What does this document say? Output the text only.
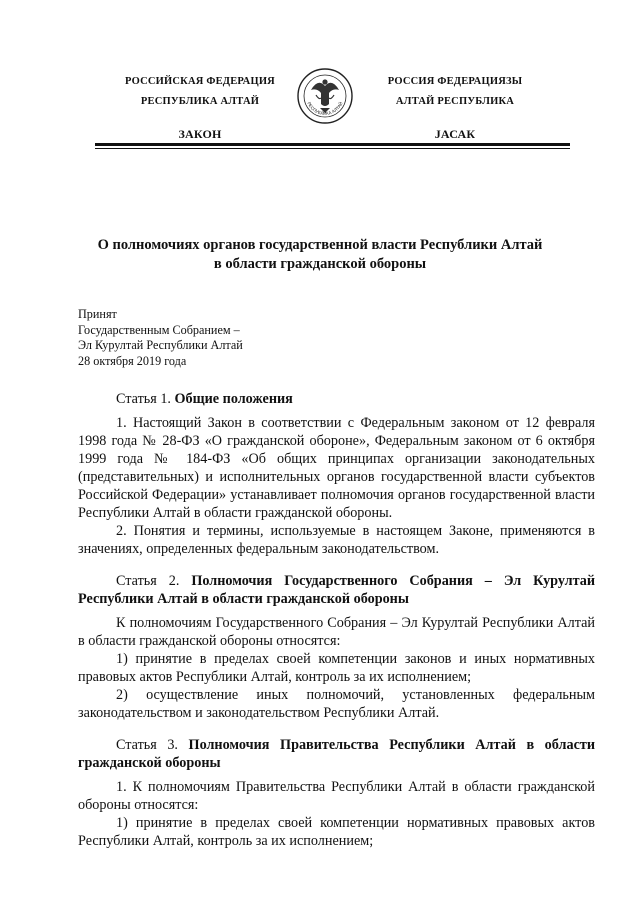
РОССИЙСКАЯ ФЕДЕРАЦИЯ
РЕСПУБЛИКА АЛТАЙ
ЗАКОН
РЕСПУБЛИКА АЛТАЙ
РОССИЯ ФЕДЕРАЦИЯЗЫ
АЛТАЙ РЕСПУБЛИКА
JАСАК
О полномочиях органов государственной власти Республики Алтай
в области гражданской обороны
Принят
Государственным Собранием –
Эл Курултай Республики Алтай
28 октября 2019 года

Статья 1. Общие положения

1. Настоящий Закон в соответствии с Федеральным законом от 12 февраля 1998 года № 28-ФЗ «О гражданской обороне», Федеральным законом от 6 октября 1999 года № 184-ФЗ «Об общих принципах организации законодательных (представительных) и исполнительных органов государственной власти субъектов Российской Федерации» устанавливает полномочия органов государственной власти Республики Алтай в области гражданской обороны.

2. Понятия и термины, используемые в настоящем Законе, применяются в значениях, определенных федеральным законодательством.

Статья 2. Полномочия Государственного Собрания – Эл Курултай Республики Алтай в области гражданской обороны

К полномочиям Государственного Собрания – Эл Курултай Республики Алтай в области гражданской обороны относятся:

1) принятие в пределах своей компетенции законов и иных нормативных правовых актов Республики Алтай, контроль за их исполнением;

2) осуществление иных полномочий, установленных федеральным законодательством и законодательством Республики Алтай.

Статья 3. Полномочия Правительства Республики Алтай в области гражданской обороны

1. К полномочиям Правительства Республики Алтай в области гражданской обороны относятся:

1) принятие в пределах своей компетенции нормативных правовых актов Республики Алтай, контроль за их исполнением;
